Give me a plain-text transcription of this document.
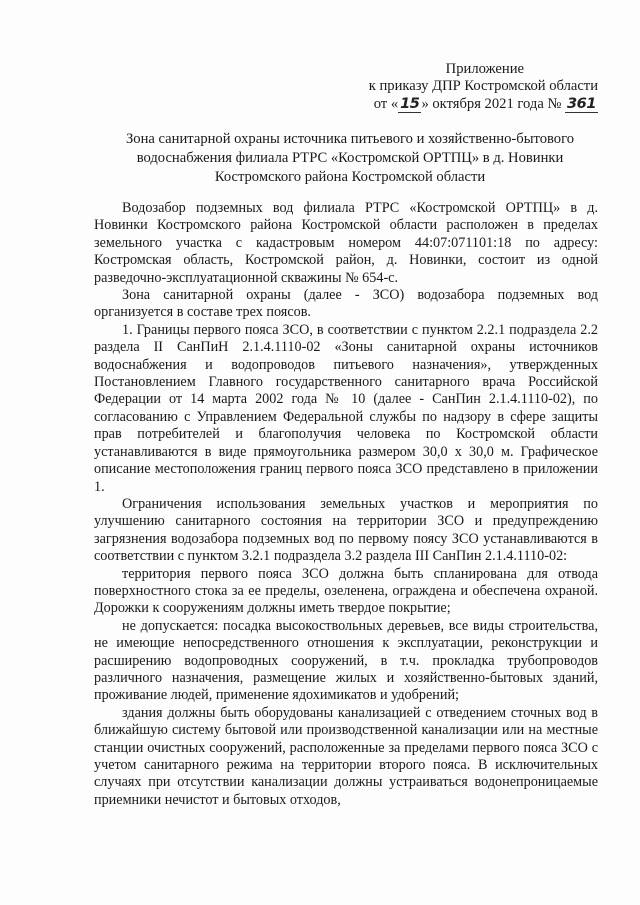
Приложение
к приказу ДПР Костромской области
от « 15 » октября 2021 года № 361
Зона санитарной охраны источника питьевого и хозяйственно-бытового
водоснабжения филиала РТРС «Костромской ОРТПЦ» в д. Новинки
Костромского района Костромской области

Водозабор подземных вод филиала РТРС «Костромской ОРТПЦ» в д. Новинки Костромского района Костромской области расположен в пределах земельного участка с кадастровым номером 44:07:071101:18 по адресу: Костромская область, Костромской район, д. Новинки, состоит из одной разведочно-эксплуатационной скважины № 654-с.

Зона санитарной охраны (далее - ЗСО) водозабора подземных вод организуется в составе трех поясов.

1. Границы первого пояса ЗСО, в соответствии с пунктом 2.2.1 подраздела 2.2 раздела II СанПиН 2.1.4.1110-02 «Зоны санитарной охраны источников водоснабжения и водопроводов питьевого назначения», утвержденных Постановлением Главного государственного санитарного врача Российской Федерации от 14 марта 2002 года № 10 (далее - СанПин 2.1.4.1110-02), по согласованию с Управлением Федеральной службы по надзору в сфере защиты прав потребителей и благополучия человека по Костромской области устанавливаются в виде прямоугольника размером 30,0 х 30,0 м. Графическое описание местоположения границ первого пояса ЗСО представлено в приложении 1.

Ограничения использования земельных участков и мероприятия по улучшению санитарного состояния на территории ЗСО и предупреждению загрязнения водозабора подземных вод по первому поясу ЗСО устанавливаются в соответствии с пунктом 3.2.1 подраздела 3.2 раздела III СанПин 2.1.4.1110-02:

территория первого пояса ЗСО должна быть спланирована для отвода поверхностного стока за ее пределы, озеленена, ограждена и обеспечена охраной. Дорожки к сооружениям должны иметь твердое покрытие;

не допускается: посадка высокоствольных деревьев, все виды строительства, не имеющие непосредственного отношения к эксплуатации, реконструкции и расширению водопроводных сооружений, в т.ч. прокладка трубопроводов различного назначения, размещение жилых и хозяйственно-бытовых зданий, проживание людей, применение ядохимикатов и удобрений;

здания должны быть оборудованы канализацией с отведением сточных вод в ближайшую систему бытовой или производственной канализации или на местные станции очистных сооружений, расположенные за пределами первого пояса ЗСО с учетом санитарного режима на территории второго пояса. В исключительных случаях при отсутствии канализации должны устраиваться водонепроницаемые приемники нечистот и бытовых отходов,
